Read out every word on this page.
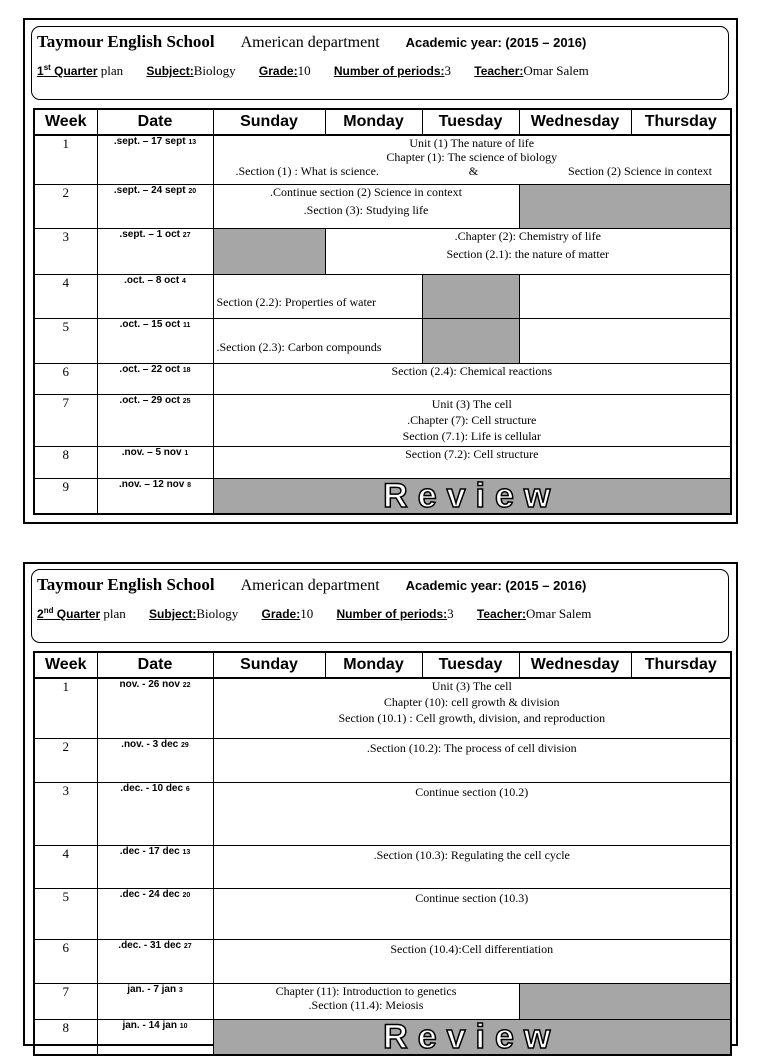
Taymour English School American department Academic year: (2015 – 2016)
1st Quarter plan Subject:Biology Grade:10 Number of periods:3 Teacher:Omar Salem
Week	Date	Sunday	Monday	Tuesday	Wednesday	Thursday
1	.sept. – 17 sept 13	Unit (1) The nature of life
Chapter (1): The science of biology
.Section (1) : What is science. & Section (2) Science in context				

2	.sept. – 24 sept 20	.Continue section (2) Science in context
.Section (3): Studying life				

3	.sept. – 1 oct 27		.Chapter (2): Chemistry of life
Section (2.1): the nature of matter			

4	.oct. – 8 oct 4	Section (2.2): Properties of water				
5	.oct. – 15 oct 11	.Section (2.3): Carbon compounds				
6	.oct. – 22 oct 18	Section (2.4): Chemical reactions				
7	.oct. – 29 oct 25	Unit (3) The cell
.Chapter (7): Cell structure
Section (7.1): Life is cellular				

8	.nov. – 5 nov 1	Section (7.2): Cell structure				
9	.nov. – 12 nov 8	Review				
Taymour English School American department Academic year: (2015 – 2016)
2nd Quarter plan Subject:Biology Grade:10 Number of periods:3 Teacher:Omar Salem
Week	Date	Sunday	Monday	Tuesday	Wednesday	Thursday
1	nov. - 26 nov 22	Unit (3) The cell
Chapter (10): cell growth & division
Section (10.1) : Cell growth, division, and reproduction				

2	.nov. - 3 dec 29	.Section (10.2): The process of cell division				
3	.dec. - 10 dec 6	Continue section (10.2)				
4	.dec - 17 dec 13	.Section (10.3): Regulating the cell cycle				
5	.dec - 24 dec 20	Continue section (10.3)				
6	.dec. - 31 dec 27	Section (10.4):Cell differentiation				
7	jan. - 7 jan 3	Chapter (11): Introduction to genetics
.Section (11.4): Meiosis				

8	jan. - 14 jan 10	Review				
